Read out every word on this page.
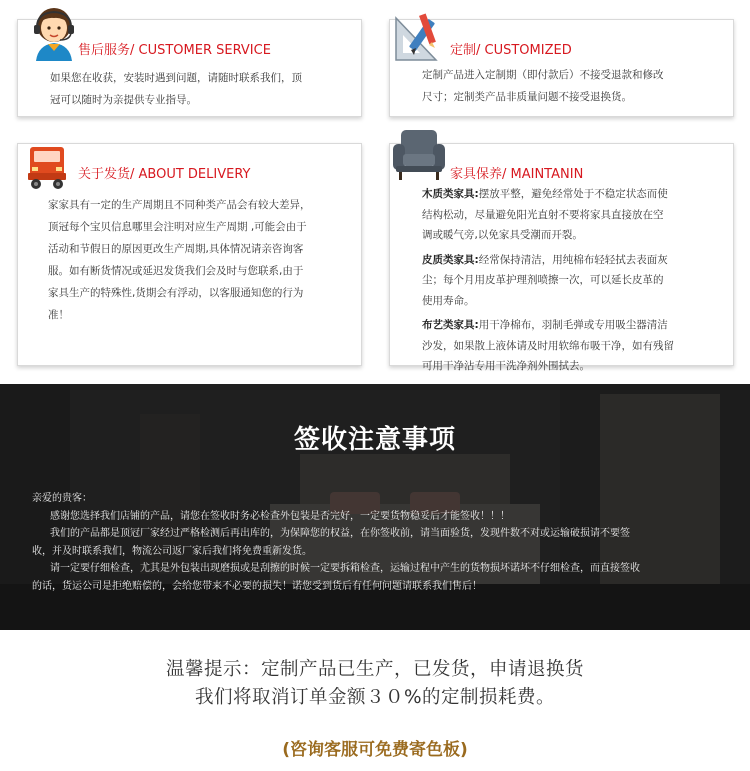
售后服务/ CUSTOMER SERVICE
如果您在收获，安装时遇到问题，请随时联系我们，顶
冠可以随时为亲提供专业指导。
定制/ CUSTOMIZED
定制产品进入定制期（即付款后）不接受退款和修改
尺寸；定制类产品非质量问题不接受退换货。
关于发货/ ABOUT DELIVERY
家家具有一定的生产周期且不同种类产品会有较大差异，
顶冠每个宝贝信息哪里会注明对应生产周期 ,可能会由于
活动和节假日的原因更改生产周期,具体情况请亲咨询客
服。如有断货情况或延迟发货我们会及时与您联系,由于
家具生产的特殊性,货期会有浮动，以客服通知您的行为
准！
家具保养/ MAINTANIN
木质类家具:摆放平整，避免经常处于不稳定状态而使
结构松动，尽量避免阳光直射不要将家具直接放在空
调或暖气旁,以免家具受潮而开裂。
皮质类家具:经常保持清洁，用纯棉布轻轻拭去表面灰
尘；每个月用皮革护理剂喷擦一次，可以延长皮革的
使用寿命。
布艺类家具:用干净棉布，羽制毛弹或专用吸尘器清洁
沙发，如果散上液体请及时用软绵布吸干净，如有残留
可用干净沾专用干洗净剂外围拭去。
签收注意事项
亲爱的贵客：
感谢您选择我们店铺的产品，请您在签收时务必检查外包装是否完好，一定要货物稳妥后才能签收！！！
我们的产品都是顶冠厂家经过严格检测后再出库的，为保障您的权益，在你签收前，请当面验货，发现件数不对或运输破损请不要签
收，并及时联系我们，物流公司返厂家后我们将免费重新发货。
请一定要仔细检查，尤其是外包装出现磨损或是刮擦的时候一定要拆箱检查，运输过程中产生的货物损坏诺坏不仔细检查，而直接签收
的话，货运公司是拒绝赔偿的，会给您带来不必要的损失！诺您受到货后有任何问题请联系我们售后！
温馨提示：定制产品已生产，已发货，申请退换货
我们将取消订单金额３０%的定制损耗费。
(咨询客服可免费寄色板)
